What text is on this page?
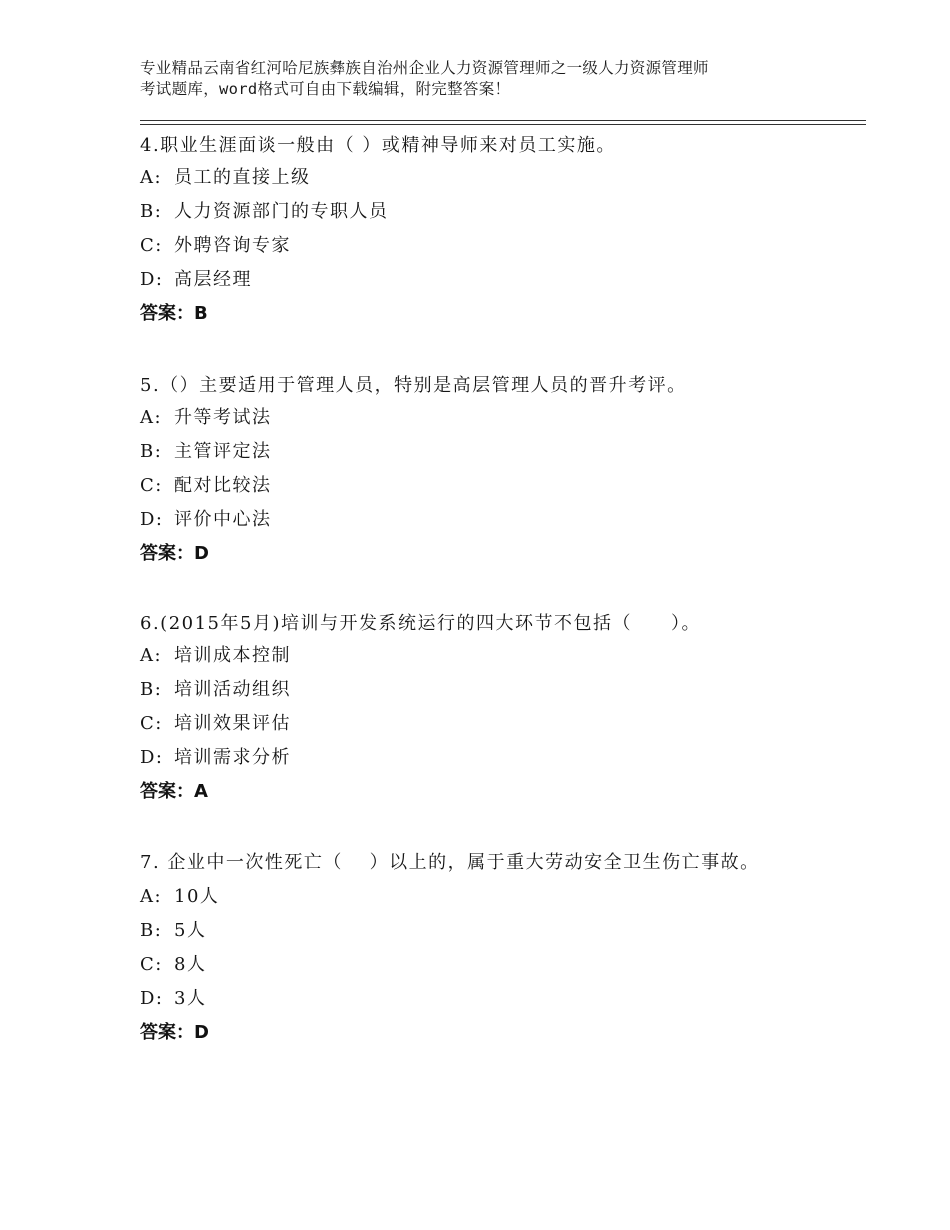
专业精品云南省红河哈尼族彝族自治州企业人力资源管理师之一级人力资源管理师
考试题库，word格式可自由下载编辑，附完整答案！
4.职业生涯面谈一般由（ ）或精神导师来对员工实施。
A: 员工的直接上级
B: 人力资源部门的专职人员
C: 外聘咨询专家
D: 高层经理
答案：B
5.（）主要适用于管理人员，特别是高层管理人员的晋升考评。
A: 升等考试法
B: 主管评定法
C: 配对比较法
D: 评价中心法
答案：D
6.(2015年5月)培训与开发系统运行的四大环节不包括（　　）。
A: 培训成本控制
B: 培训活动组织
C: 培训效果评估
D: 培训需求分析
答案：A
7. 企业中一次性死亡（　 ）以上的，属于重大劳动安全卫生伤亡事故。
A: 10人
B: 5人
C: 8人
D: 3人
答案：D
